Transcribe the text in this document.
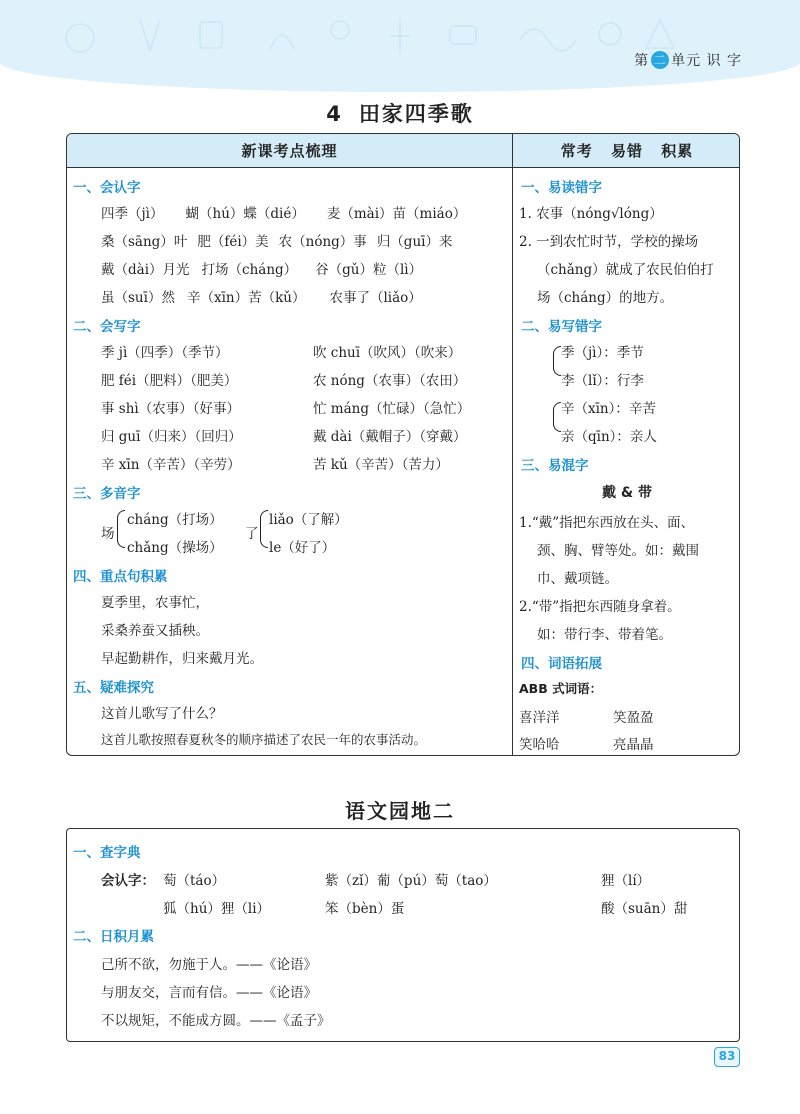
第 二 单元 识 字
4 田家四季歌
新课考点梳理	常考 易错 积累
一、会认字
四季（jì） 蝴（hú）蝶（dié） 麦（mài）苗（miáo）
桑（sāng）叶 肥（féi）美 农（nóng）事 归（guī）来
戴（dài）月光 打场（cháng） 谷（gǔ）粒（lì）
虽（suī）然 辛（xīn）苦（kǔ） 农事了（liǎo）
二、会写字
季 jì（四季）（季节）	吹 chuī（吹风）（吹来）
肥 féi（肥料）（肥美）	农 nóng（农事）（农田）
事 shì（农事）（好事）	忙 máng（忙碌）（急忙）
归 guī（归来）（回归）	戴 dài（戴帽子）（穿戴）
辛 xīn（辛苦）（辛劳）	苦 kǔ（辛苦）（苦力）
三、多音字
场
cháng（打场）
chǎng（操场）
了
liǎo（了解）
le（好了）
四、重点句积累
夏季里，农事忙，
采桑养蚕又插秧。
早起勤耕作，归来戴月光。
五、疑难探究
这首儿歌写了什么？
这首儿歌按照春夏秋冬的顺序描述了农民一年的农事活动。
一、易读错字
1. 农事（nóng√lóng）
2. 一到农忙时节，学校的操场
（chǎng）就成了农民伯伯打
场（cháng）的地方。
二、易写错字
季（jì）：季节
李（lǐ）：行李
辛（xīn）：辛苦
亲（qīn）：亲人
三、易混字
戴 & 带
1.“戴”指把东西放在头、面、
颈、胸、臂等处。如：戴围
巾、戴项链。
2.“带”指把东西随身拿着。
如：带行李、带着笔。
四、词语拓展
ABB 式词语：
喜洋洋	笑盈盈
笑哈哈	亮晶晶
语文园地二
一、查字典
会认字： 萄（táo）	紫（zǐ）葡（pú）萄（tao）	狸（lí）
狐（hú）狸（li）	笨（bèn）蛋	酸（suān）甜
二、日积月累
己所不欲，勿施于人。——《论语》
与朋友交，言而有信。——《论语》
不以规矩，不能成方圆。——《孟子》
83
